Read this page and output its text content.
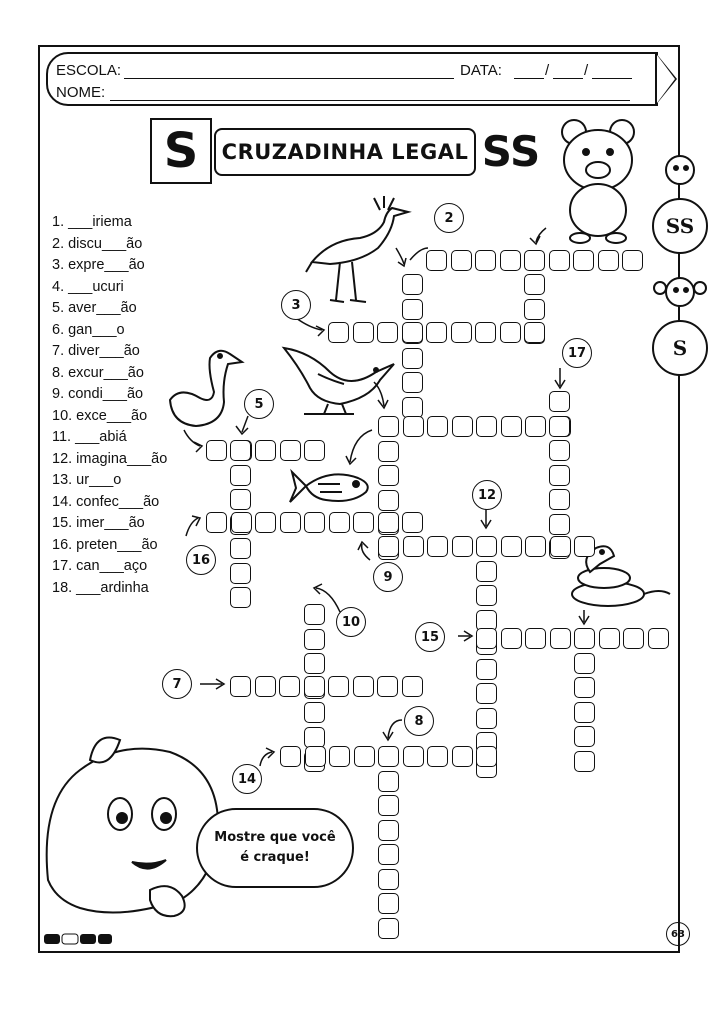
ESCOLA:	DATA:	/ /
NOME:
S	CRUZADINHA LEGAL SS
SS
S
1. ___iriema
2. discu___ão
3. expre___ão
4. ___ucuri
5. aver___ão
6. gan___o
7. diver___ão
8. excur___ão
9. condi___ão
10. exce___ão
11. ___abiá
12. imagina___ão
13. ur___o
14. confec___ão
15. imer___ão
16. preten___ão
17. can___aço
18. ___ardinha
2
3
5
17
12
16
9
10
15
7
8
14
Mostre que você é craque!
63
